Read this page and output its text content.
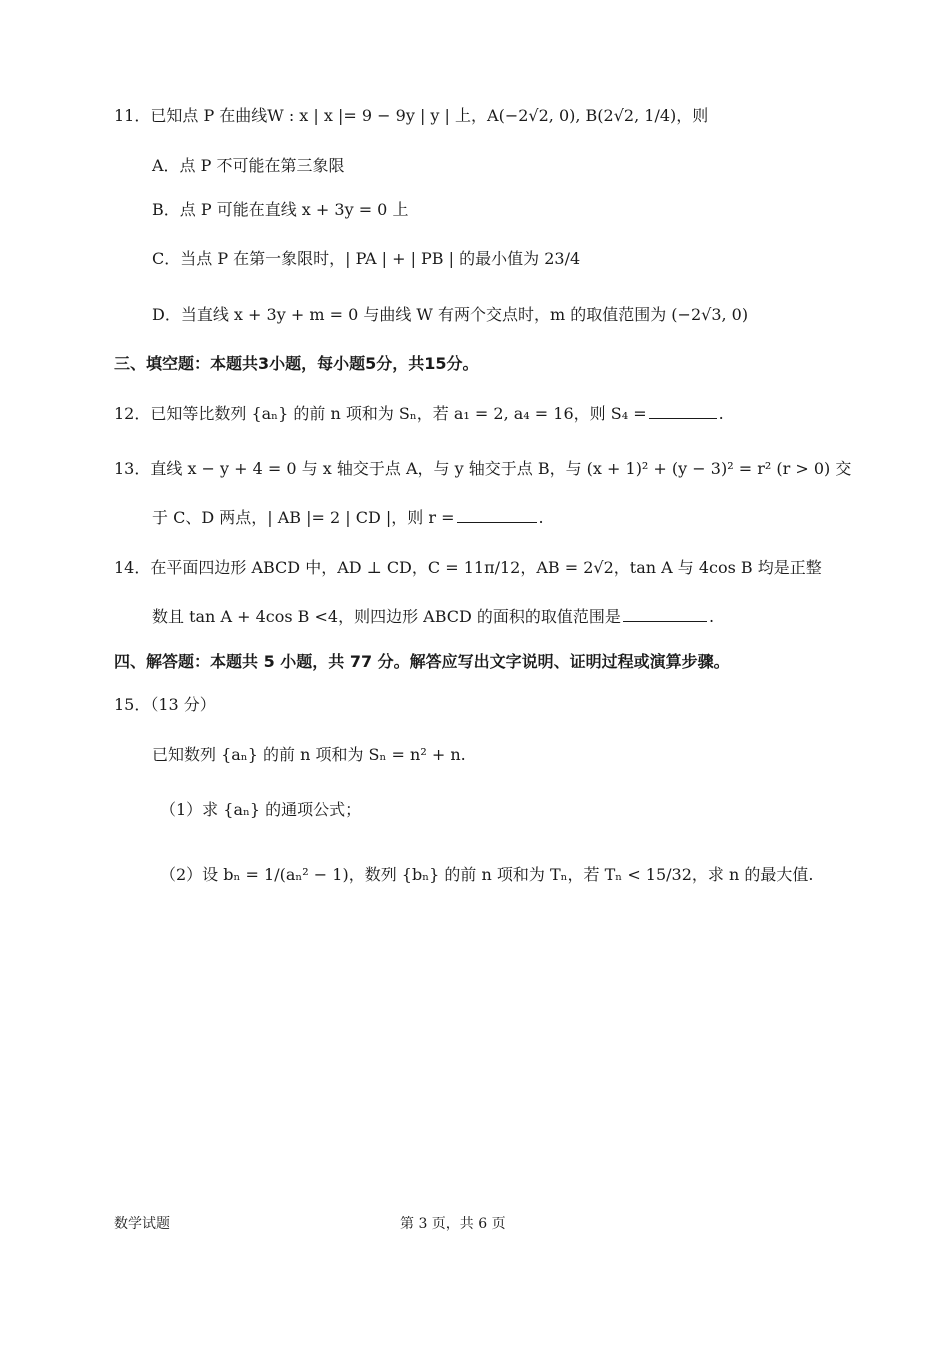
11．已知点 P 在曲线W : x | x |= 9 − 9y | y | 上，A(−2√2, 0), B(2√2, 1/4)，则
A．点 P 不可能在第三象限
B．点 P 可能在直线 x + 3y = 0 上
C．当点 P 在第一象限时，| PA | + | PB | 的最小值为 23/4
D．当直线 x + 3y + m = 0 与曲线 W 有两个交点时，m 的取值范围为 (−2√3, 0)
三、填空题：本题共3小题，每小题5分，共15分。
12．已知等比数列 {aₙ} 的前 n 项和为 Sₙ，若 a₁ = 2, a₄ = 16，则 S₄ =	.
13．直线 x − y + 4 = 0 与 x 轴交于点 A，与 y 轴交于点 B，与 (x + 1)² + (y − 3)² = r² (r > 0) 交
于 C、D 两点，| AB |= 2 | CD |，则 r =	.
14．在平面四边形 ABCD 中，AD ⊥ CD，C = 11π/12，AB = 2√2，tan A 与 4cos B 均是正整
数且 tan A + 4cos B <4，则四边形 ABCD 的面积的取值范围是	.
四、解答题：本题共 5 小题，共 77 分。解答应写出文字说明、证明过程或演算步骤。
15．（13 分）
已知数列 {aₙ} 的前 n 项和为 Sₙ = n² + n.
（1）求 {aₙ} 的通项公式；
（2）设 bₙ = 1/(aₙ² − 1)，数列 {bₙ} 的前 n 项和为 Tₙ，若 Tₙ < 15/32，求 n 的最大值.
数学试题	第 3 页，共 6 页
